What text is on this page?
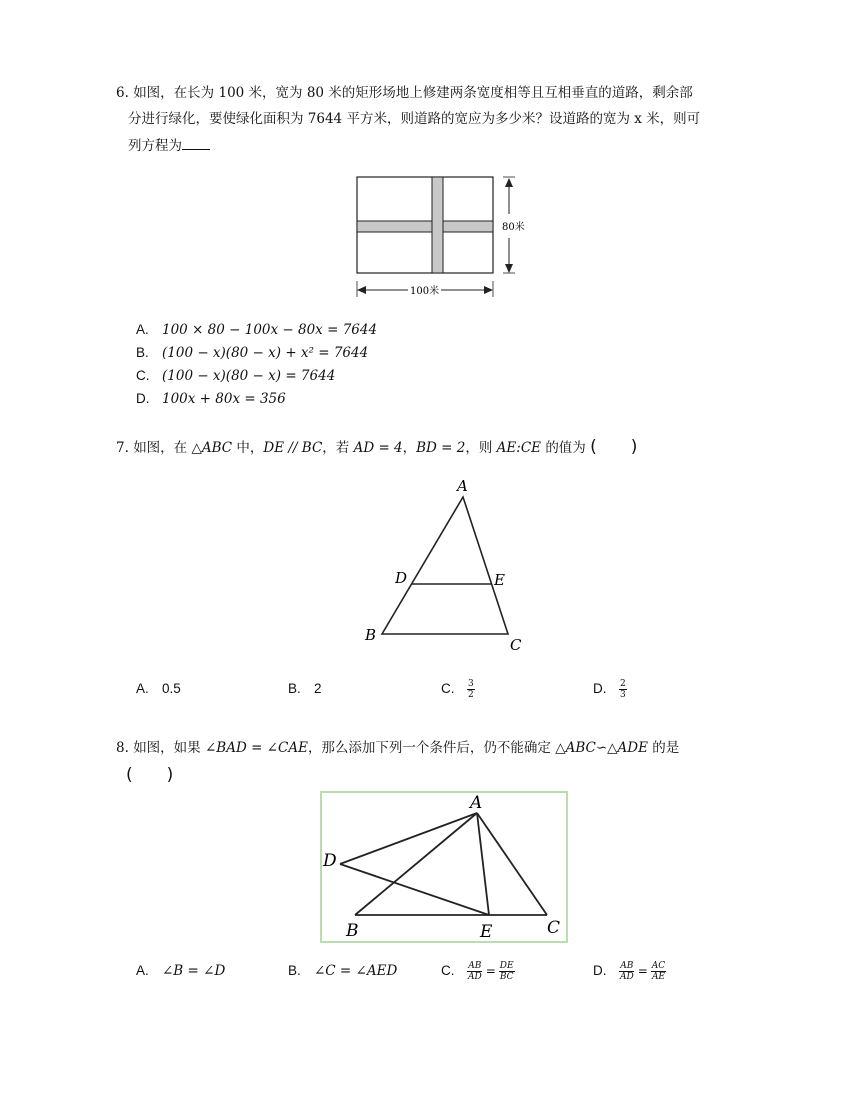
6. 如图，在长为 100 米，宽为 80 米的矩形场地上修建两条宽度相等且互相垂直的道路，剩余部
分进行绿化，要使绿化面积为 7644 平方米，则道路的宽应为多少米？设道路的宽为 x 米，则可
列方程为
80米
100米
A. 100 × 80 − 100x − 80x = 7644
B. (100 − x)(80 − x) + x² = 7644
C. (100 − x)(80 − x) = 7644
D. 100x + 80x = 356
7. 如图，在 △ABC 中，DE // BC，若 AD = 4，BD = 2，则 AE:CE 的值为 (　　)
A
D	E
B
C
A. 0.5	B. 2	C. $\frac{3}{2}$	D. $\frac{2}{3}$
8. 如图，如果 ∠BAD = ∠CAE，那么添加下列一个条件后，仍不能确定 △ABC∽△ADE 的是
(　　)
A
D
B	E	C
A. ∠B = ∠D	B. ∠C = ∠AED	C. $\frac{AB}{AD} = \frac{DE}{BC}$	D. $\frac{AB}{AD} = \frac{AC}{AE}$
